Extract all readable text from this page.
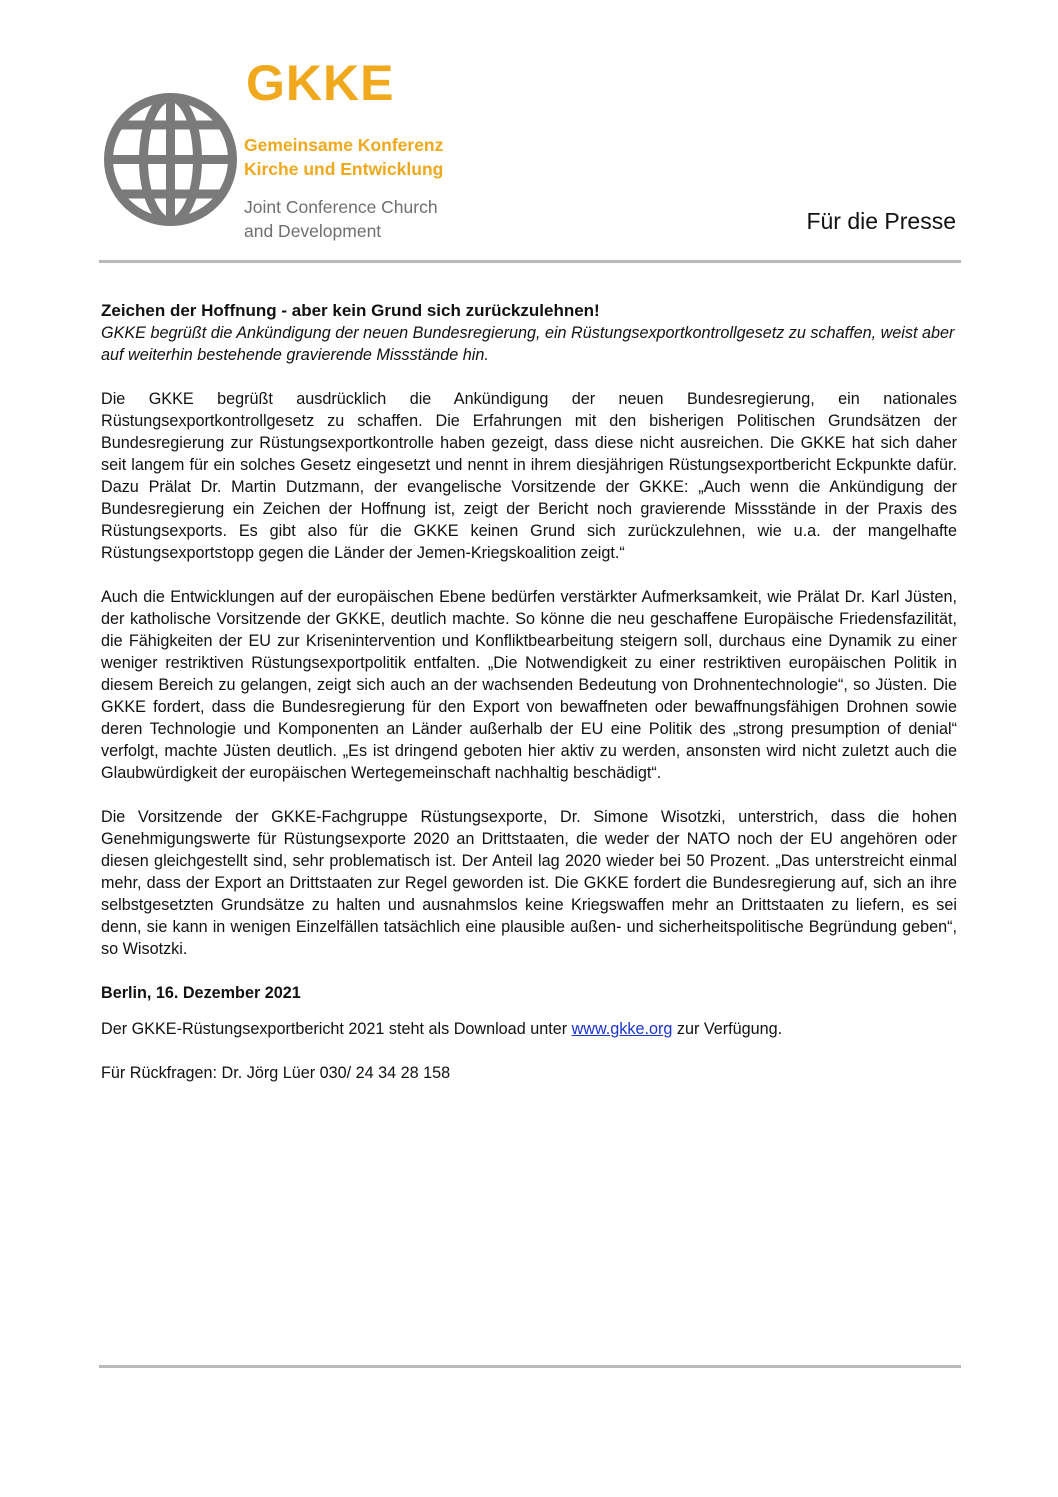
GKKE
Gemeinsame Konferenz
Kirche und Entwicklung
Joint Conference Church
and Development	Für die Presse

Zeichen der Hoffnung - aber kein Grund sich zurückzulehnen!

GKKE begrüßt die Ankündigung der neuen Bundesregierung, ein Rüstungsexportkontrollgesetz zu schaffen, weist aber auf weiterhin bestehende gravierende Missstände hin.

Die GKKE begrüßt ausdrücklich die Ankündigung der neuen Bundesregierung, ein nationales Rüstungsexportkontrollgesetz zu schaffen. Die Erfahrungen mit den bisherigen Politischen Grundsätzen der Bundesregierung zur Rüstungsexportkontrolle haben gezeigt, dass diese nicht ausreichen. Die GKKE hat sich daher seit langem für ein solches Gesetz eingesetzt und nennt in ihrem diesjährigen Rüstungsexportbericht Eckpunkte dafür. Dazu Prälat Dr. Martin Dutzmann, der evangelische Vorsitzende der GKKE: „Auch wenn die Ankündigung der Bundesregierung ein Zeichen der Hoffnung ist, zeigt der Bericht noch gravierende Missstände in der Praxis des Rüstungsexports. Es gibt also für die GKKE keinen Grund sich zurückzulehnen, wie u.a. der mangelhafte Rüstungsexportstopp gegen die Länder der Jemen-Kriegskoalition zeigt.“

Auch die Entwicklungen auf der europäischen Ebene bedürfen verstärkter Aufmerksamkeit, wie Prälat Dr. Karl Jüsten, der katholische Vorsitzende der GKKE, deutlich machte. So könne die neu geschaffene Europäische Friedensfazilität, die Fähigkeiten der EU zur Krisenintervention und Konfliktbearbeitung steigern soll, durchaus eine Dynamik zu einer weniger restriktiven Rüstungsexportpolitik entfalten. „Die Notwendigkeit zu einer restriktiven europäischen Politik in diesem Bereich zu gelangen, zeigt sich auch an der wachsenden Bedeutung von Drohnentechnologie“, so Jüsten. Die GKKE fordert, dass die Bundesregierung für den Export von bewaffneten oder bewaffnungsfähigen Drohnen sowie deren Technologie und Komponenten an Länder außerhalb der EU eine Politik des „strong presumption of denial“ verfolgt, machte Jüsten deutlich. „Es ist dringend geboten hier aktiv zu werden, ansonsten wird nicht zuletzt auch die Glaubwürdigkeit der europäischen Wertegemeinschaft nachhaltig beschädigt“.

Die Vorsitzende der GKKE-Fachgruppe Rüstungsexporte, Dr. Simone Wisotzki, unterstrich, dass die hohen Genehmigungswerte für Rüstungsexporte 2020 an Drittstaaten, die weder der NATO noch der EU angehören oder diesen gleichgestellt sind, sehr problematisch ist. Der Anteil lag 2020 wieder bei 50 Prozent. „Das unterstreicht einmal mehr, dass der Export an Drittstaaten zur Regel geworden ist. Die GKKE fordert die Bundesregierung auf, sich an ihre selbstgesetzten Grundsätze zu halten und ausnahmslos keine Kriegswaffen mehr an Drittstaaten zu liefern, es sei denn, sie kann in wenigen Einzelfällen tatsächlich eine plausible außen- und sicherheitspolitische Begründung geben“, so Wisotzki.

Berlin, 16. Dezember 2021

Der GKKE-Rüstungsexportbericht 2021 steht als Download unter www.gkke.org zur Verfügung.

Für Rückfragen: Dr. Jörg Lüer 030/ 24 34 28 158
